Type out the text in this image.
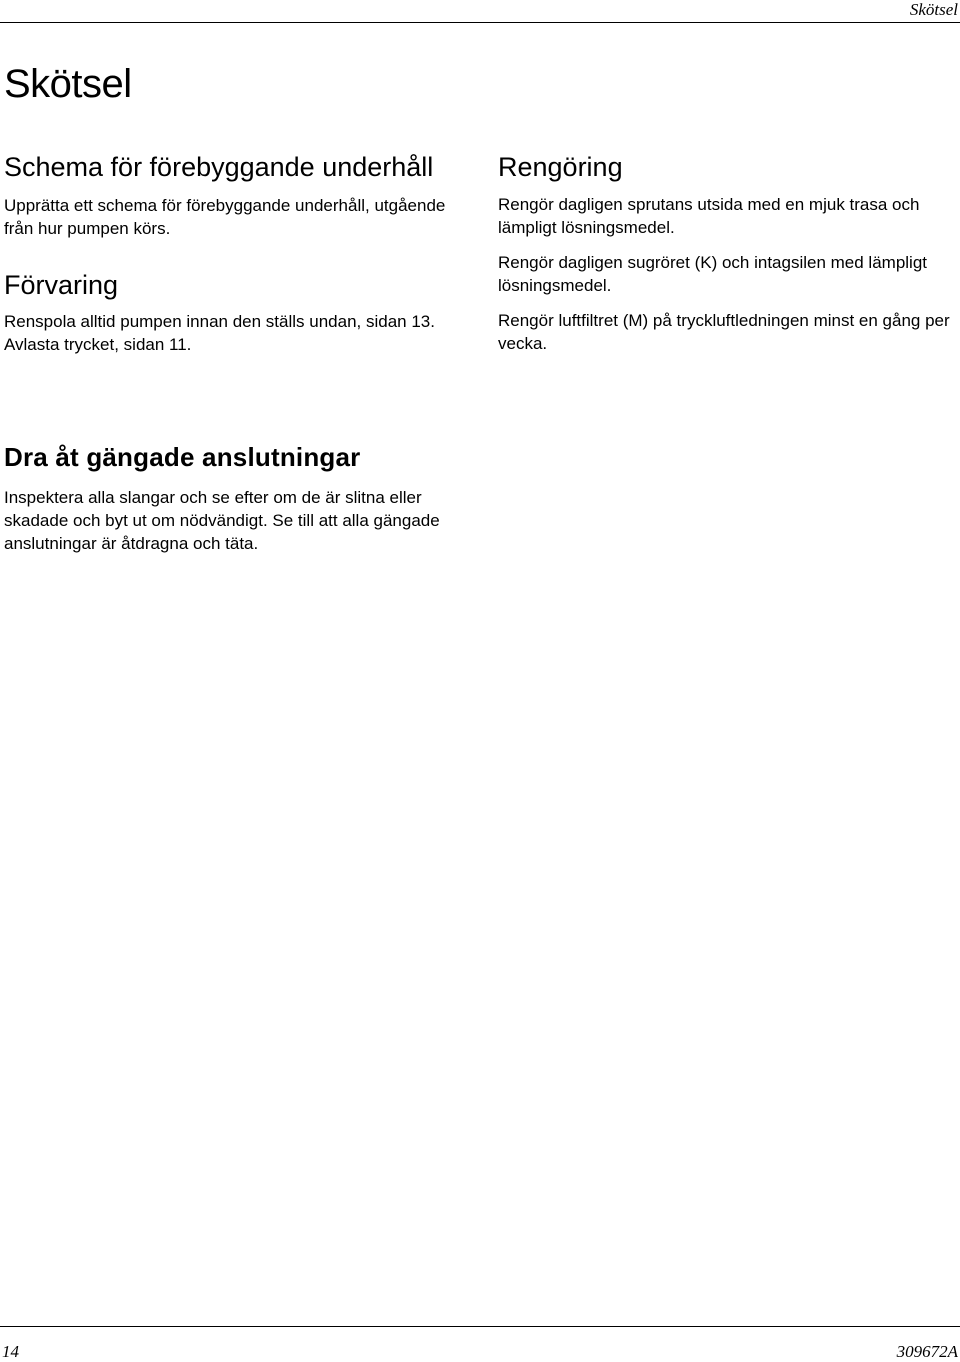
Skötsel
Skötsel
Schema för förebyggande underhåll

Upprätta ett schema för förebyggande underhåll, utgående från hur pumpen körs.

Förvaring

Renspola alltid pumpen innan den ställs undan, sidan 13. Avlasta trycket, sidan 11.

Rengöring

Rengör dagligen sprutans utsida med en mjuk trasa och lämpligt lösningsmedel.

Rengör dagligen sugröret (K) och intagsilen med lämpligt lösningsmedel.

Rengör luftfiltret (M) på tryckluftledningen minst en gång per vecka.

Dra åt gängade anslutningar

Inspektera alla slangar och se efter om de är slitna eller skadade och byt ut om nödvändigt. Se till att alla gängade anslutningar är åtdragna och täta.

14	309672A
